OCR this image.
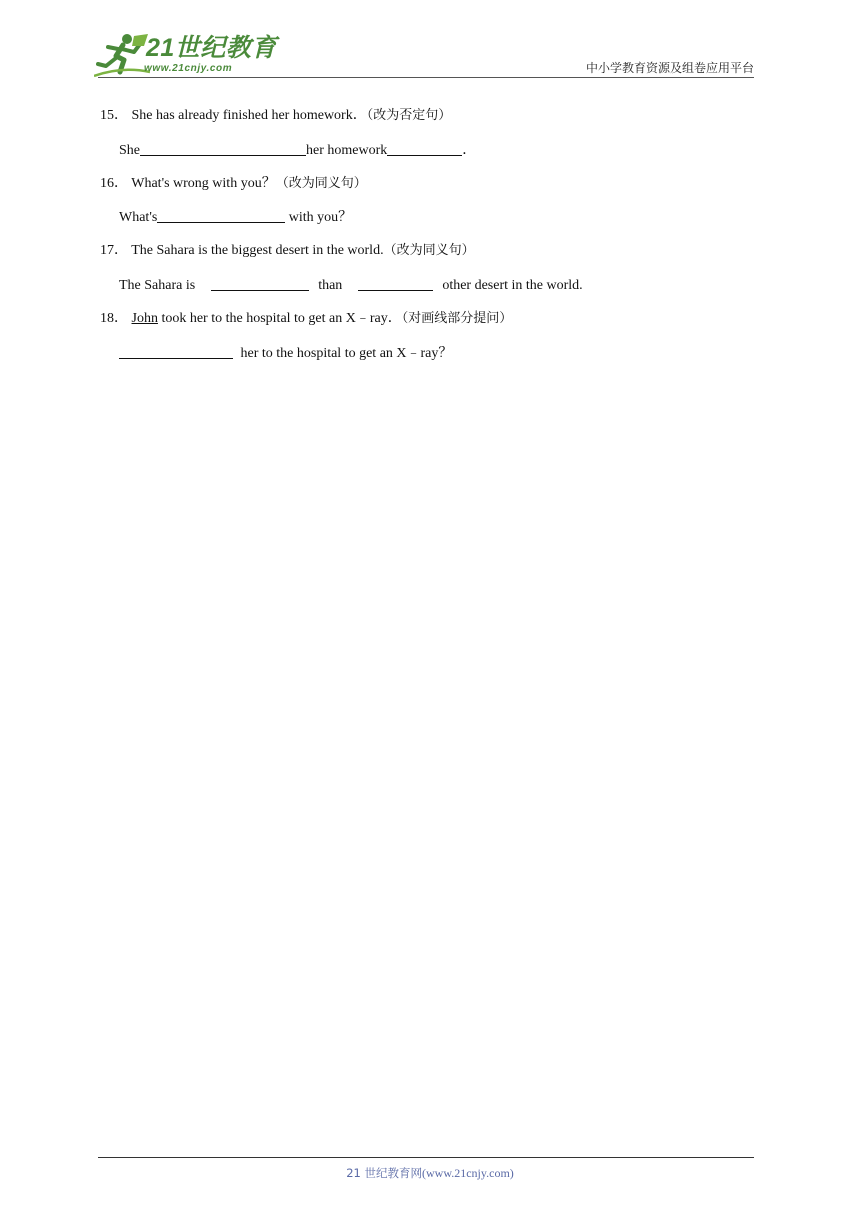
21世纪教育
www.21cnjy.com	中小学教育资源及组卷应用平台
15． She has already finished her homework．（改为否定句）
She	her homework	．
16． What's wrong with you？（改为同义句）
What's	with you？
17． The Sahara is the biggest desert in the world.（改为同义句）
The Sahara is	than	other desert in the world.
18． John took her to the hospital to get an X﹣ray．（对画线部分提问）
her to the hospital to get an X﹣ray？
21 世纪教育网(www.21cnjy.com)
